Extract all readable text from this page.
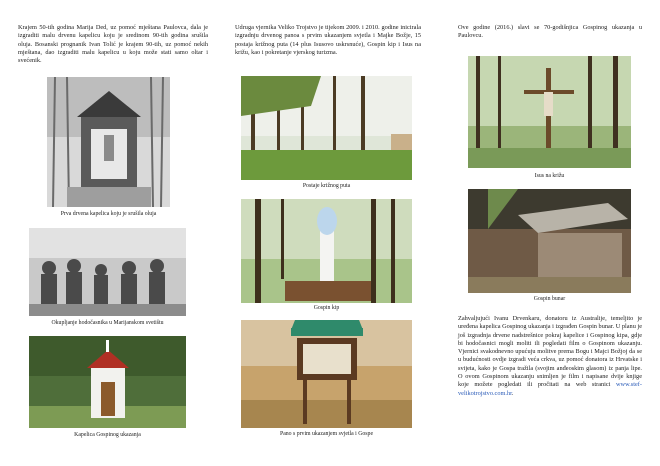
Krajem 50-tih godina Marija Ded, uz pomoć mještana Paulovca, dala je izgraditi malu drvenu kapelicu koju je sredinom 90-tih godina srušila oluja. Bosanski prognanik Ivan Tolić je krajem 90-tih, uz pomoć nekih mještana, dao izgraditi malu kapelicu u koju može stati samo oltar i svećenik.

Prva drvena kapelica koju je srušila oluja

Okupljanje hodočasnika u Marijanskom svetištu

Kapelica Gospinog ukazanja

Udruga vjernika Veliko Trojstvo je tijekom 2009. i 2010. godine inicirala izgradnju drvenog panoa s prvim ukazanjem svjetla i Majke Božje, 15 postaja križnog puta (14 plus Isusovo uskrsnuće), Gospin kip i Isus na križu, kao i pokretanje vjerskog turizma.

Postaje križnog puta

Gospin kip

Pano s prvim ukazanjem svjetla i Gospe

Ove godine (2016.) slavi se 70-godišnjica Gospinog ukazanja u Paulovcu.

Isus na križu

Gospin bunar

Zahvaljujući Ivanu Drvenkaru, donatoru iz Australije, temeljito je uređena kapelica Gospinog ukazanja i izgrađen Gospin bunar. U planu je još izgradnja drvene nadstrešnice pokraj kapelice i Gospinog kipa, gdje bi hodočasnici mogli moliti ili pogledati film o Gospinom ukazanju. Vjernici svakodnevno upućuju molitve prema Bogu i Majci Božjoj da se u budućnosti ovdje izgradi veća crkva, uz pomoć donatora iz Hrvatske i svijeta, kako je Gospa tražila (svojim anđeoskim glasom) iz panja lipe. O ovom Gospinom ukazanju snimljen je film i napisane dvije knjige koje možete pogledati ili pročitati na web stranici www.stef-velikotrojstvo.com.hr.
